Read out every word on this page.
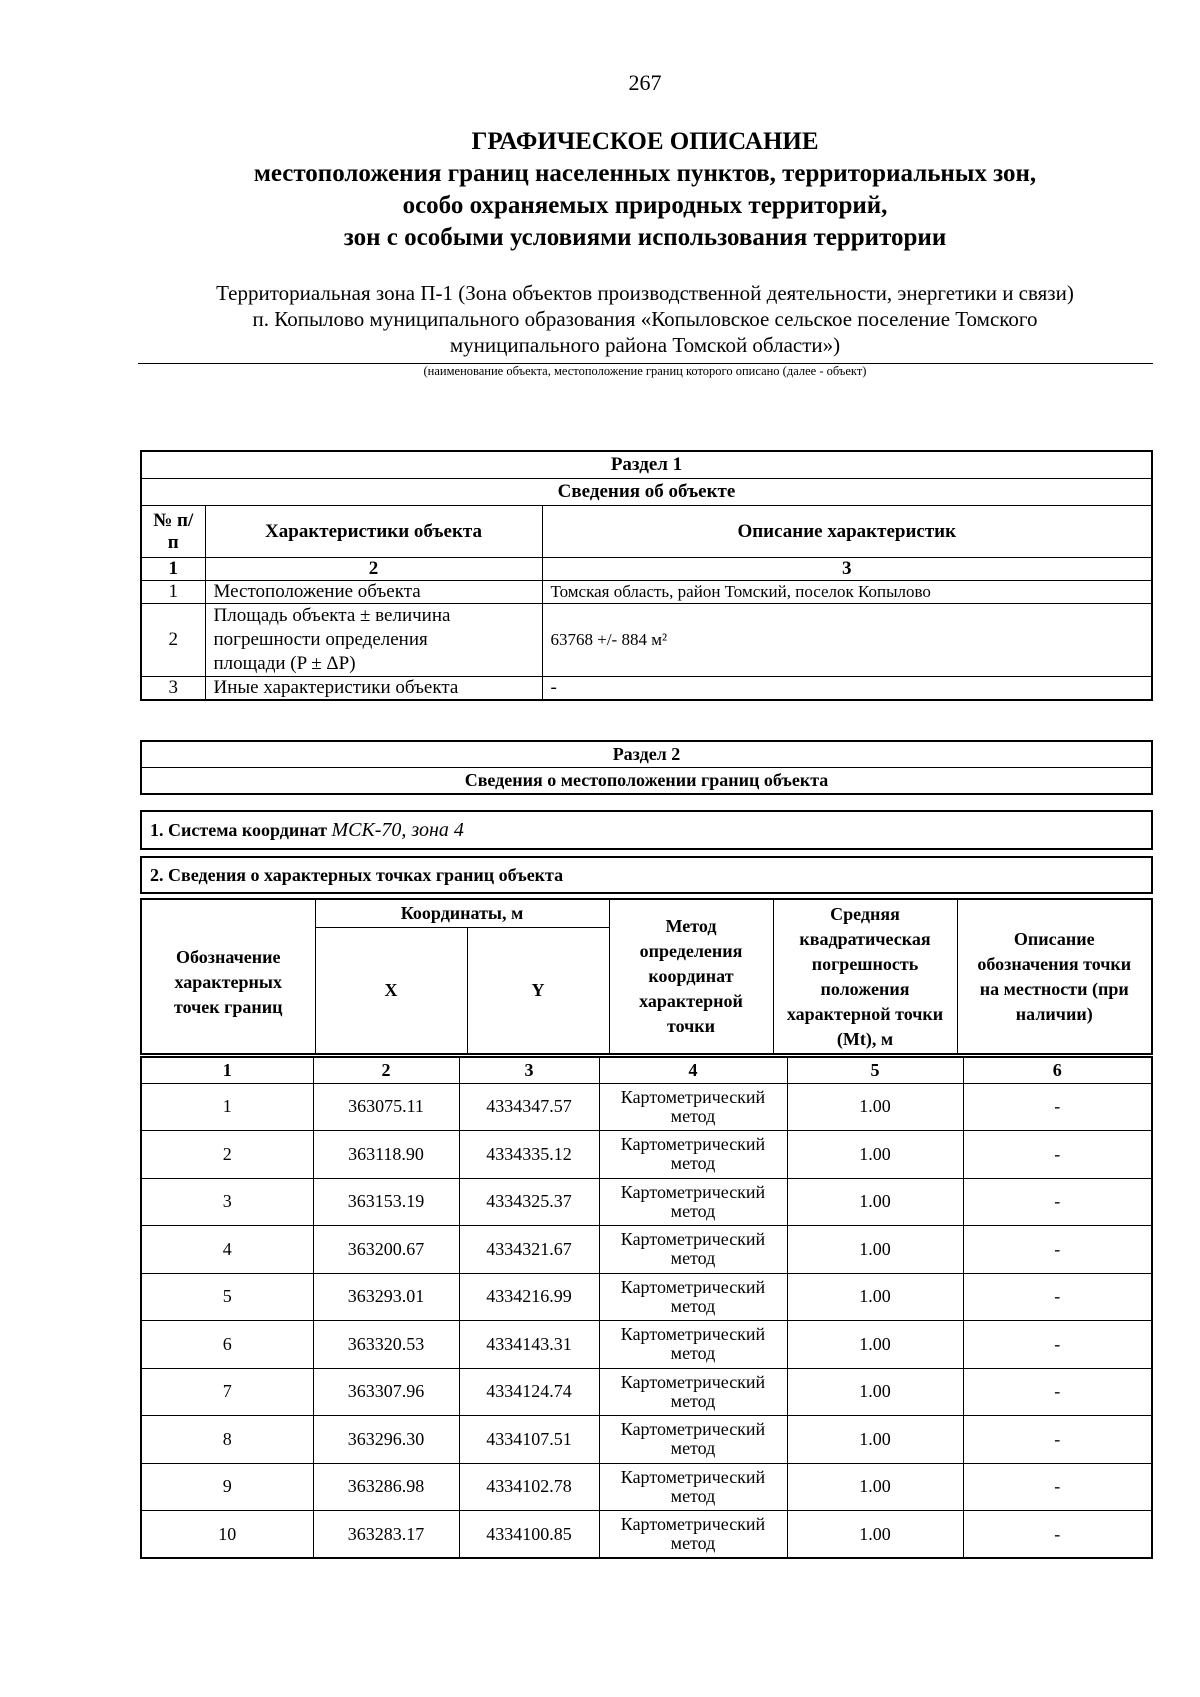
267
ГРАФИЧЕСКОЕ ОПИСАНИЕ
местоположения границ населенных пунктов, территориальных зон,
особо охраняемых природных территорий,
зон с особыми условиями использования территории
Территориальная зона П-1 (Зона объектов производственной деятельности, энергетики и связи)
п. Копылово муниципального образования «Копыловское сельское поселение Томского
муниципального района Томской области»)
(наименование объекта, местоположение границ которого описано (далее - объект)
Раздел 1		
Сведения об объекте		
№ п/п	Характеристики объекта	Описание характеристик
1	2	3
1	Местоположение объекта	Томская область, район Томский, поселок Копылово
2	Площадь объекта ± величина
погрешности определения
площади (P ± ΔP)	63768 +/- 884 м²
3	Иные характеристики объекта	-
Раздел 2
Сведения о местоположении границ объекта
1. Система координат МСК-70, зона 4
2. Сведения о характерных точках границ объекта
Обозначение характерных точек границ	Координаты, м		Метод определения координат характерной точки	Средняя квадратическая погрешность положения характерной точки (Mt), м	Описание обозначения точки на местности (при наличии)
	X	Y			
1	2	3	4	5	6
1	363075.11	4334347.57	Картометрический метод	1.00	-
2	363118.90	4334335.12	Картометрический метод	1.00	-
3	363153.19	4334325.37	Картометрический метод	1.00	-
4	363200.67	4334321.67	Картометрический метод	1.00	-
5	363293.01	4334216.99	Картометрический метод	1.00	-
6	363320.53	4334143.31	Картометрический метод	1.00	-
7	363307.96	4334124.74	Картометрический метод	1.00	-
8	363296.30	4334107.51	Картометрический метод	1.00	-
9	363286.98	4334102.78	Картометрический метод	1.00	-
10	363283.17	4334100.85	Картометрический метод	1.00	-
